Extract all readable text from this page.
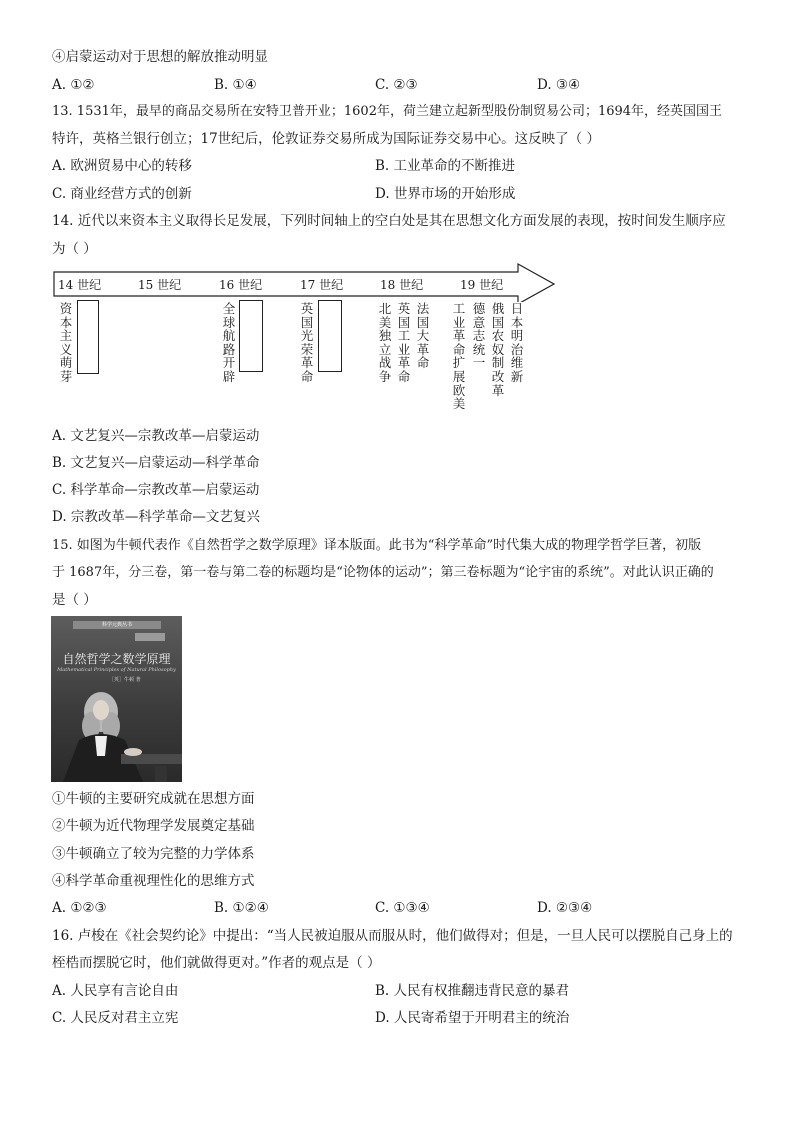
④启蒙运动对于思想的解放推动明显
A. ①②	B. ①④	C. ②③	D. ③④
13. 1531年，最早的商品交易所在安特卫普开业；1602年，荷兰建立起新型股份制贸易公司；1694年，经英国国王
特许，英格兰银行创立；17世纪后，伦敦证券交易所成为国际证券交易中心。这反映了（ ）
A. 欧洲贸易中心的转移	B. 工业革命的不断推进
C. 商业经营方式的创新	D. 世界市场的开始形成
14. 近代以来资本主义取得长足发展，下列时间轴上的空白处是其在思想文化方面发展的表现，按时间发生顺序应
为（ ）
14 世纪	15 世纪	16 世纪	17 世纪	18 世纪	19 世纪
资本主义萌芽
全球航路开辟
英国光荣革命
北美独立战争
英国工业革命
法国大革命
工业革命扩展欧美
德意志统一
俄国农奴制改革
日本明治维新
A. 文艺复兴—宗教改革—启蒙运动
B. 文艺复兴—启蒙运动—科学革命
C. 科学革命—宗教改革—启蒙运动
D. 宗教改革—科学革命—文艺复兴
15. 如图为牛顿代表作《自然哲学之数学原理》译本版面。此书为“科学革命”时代集大成的物理学哲学巨著，初版
于 1687年，分三卷，第一卷与第二卷的标题均是“论物体的运动”；第三卷标题为“论宇宙的系统”。对此认识正确的
是（ ）
科学元典丛书
自然哲学之数学原理
Mathematical Principles of Natural Philosophy
［英］牛顿 著
①牛顿的主要研究成就在思想方面
②牛顿为近代物理学发展奠定基础
③牛顿确立了较为完整的力学体系
④科学革命重视理性化的思维方式
A. ①②③	B. ①②④	C. ①③④	D. ②③④
16. 卢梭在《社会契约论》中提出：“当人民被迫服从而服从时，他们做得对；但是，一旦人民可以摆脱自己身上的
桎梏而摆脱它时，他们就做得更对。”作者的观点是（ ）
A. 人民享有言论自由	B. 人民有权推翻违背民意的暴君
C. 人民反对君主立宪	D. 人民寄希望于开明君主的统治
